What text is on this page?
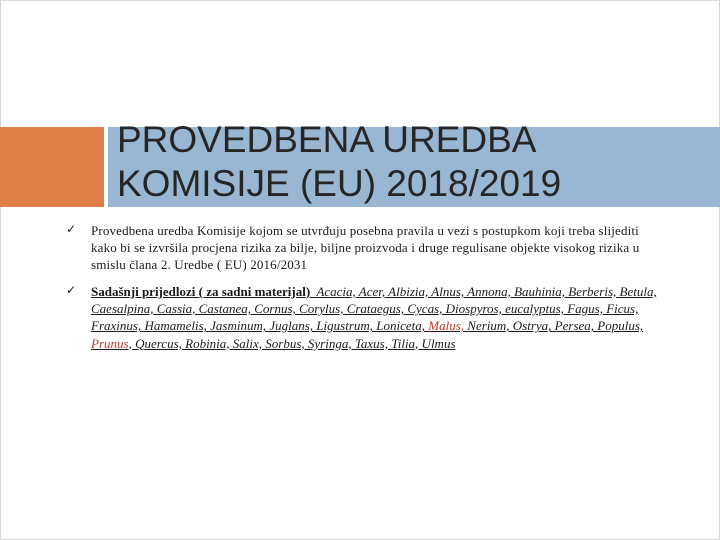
PROVEDBENA UREDBA
KOMISIJE (EU) 2018/2019
✓ Provedbena uredba Komisije kojom se utvrđuju posebna pravila u vezi s postupkom koji treba slijediti kako bi se izvršila procjena rizika za bilje, biljne proizvoda i druge regulisane objekte visokog rizika u smislu člana 2. Uredbe ( EU) 2016/2031
✓ Sadašnji prijedlozi ( za sadni materijal) Acacia, Acer, Albizia, Alnus, Annona, Bauhinia, Berberis, Betula, Caesalpina, Cassia, Castanea, Cornus, Corylus, Crataegus, Cycas, Diospyros, eucalyptus, Fagus, Ficus, Fraxinus, Hamamelis, Jasminum, Juglans, Ligustrum, Loniceta, Malus, Nerium, Ostrya, Persea, Populus, Prunus, Quercus, Robinia, Salix, Sorbus, Syringa, Taxus, Tilia, Ulmus
